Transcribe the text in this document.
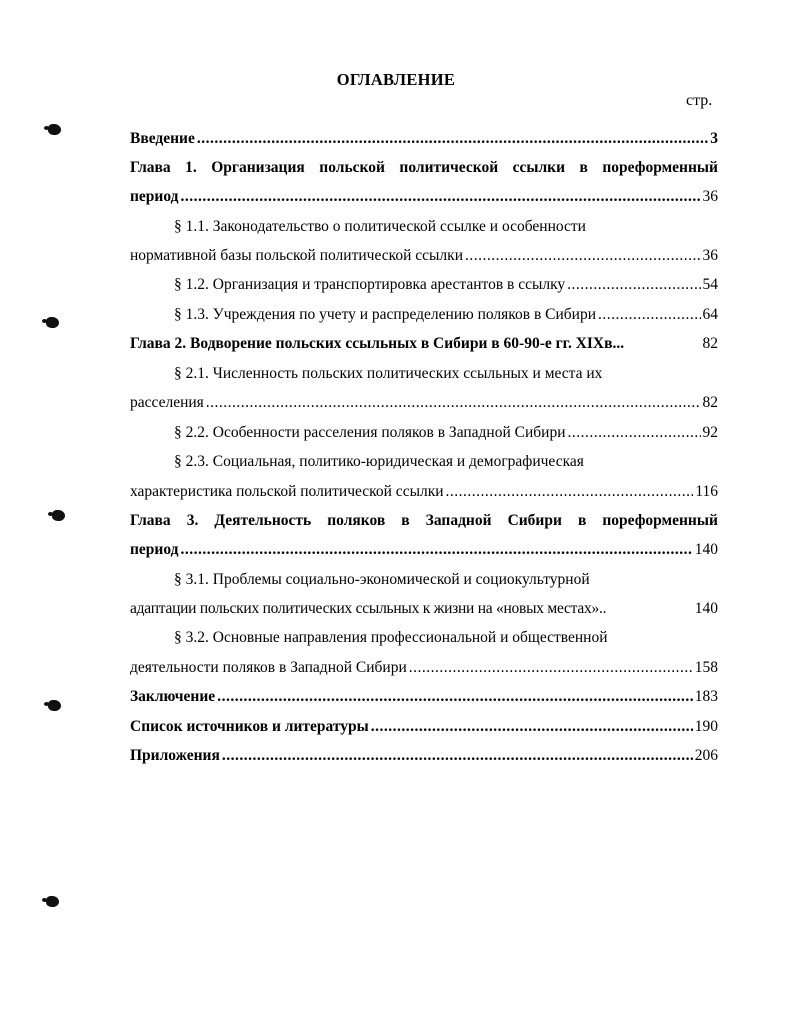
ОГЛАВЛЕНИЕ
стр.
Введение .....	3
Глава 1. Организация польской политической ссылки в пореформенный
период .....	36
§ 1.1. Законодательство о политической ссылке и особенности
нормативной базы польской политической ссылки .....	36
§ 1.2. Организация и транспортировка арестантов в ссылку .....	54
§ 1.3. Учреждения по учету и распределению поляков в Сибири .....	64
Глава 2. Водворение польских ссыльных в Сибири в 60-90-е гг. XIXв...	82
§ 2.1. Численность польских политических ссыльных и места их
расселения .....	82
§ 2.2. Особенности расселения поляков в Западной Сибири .....	92
§ 2.3. Социальная, политико-юридическая и демографическая
характеристика польской политической ссылки .....	116
Глава 3. Деятельность поляков в Западной Сибири в пореформенный
период .....	140
§ 3.1. Проблемы социально-экономической и социокультурной
адаптации польских политических ссыльных к жизни на «новых местах»..	140
§ 3.2. Основные направления профессиональной и общественной
деятельности поляков в Западной Сибири .....	158
Заключение .....	183
Список источников и литературы .....	190
Приложения .....	206
